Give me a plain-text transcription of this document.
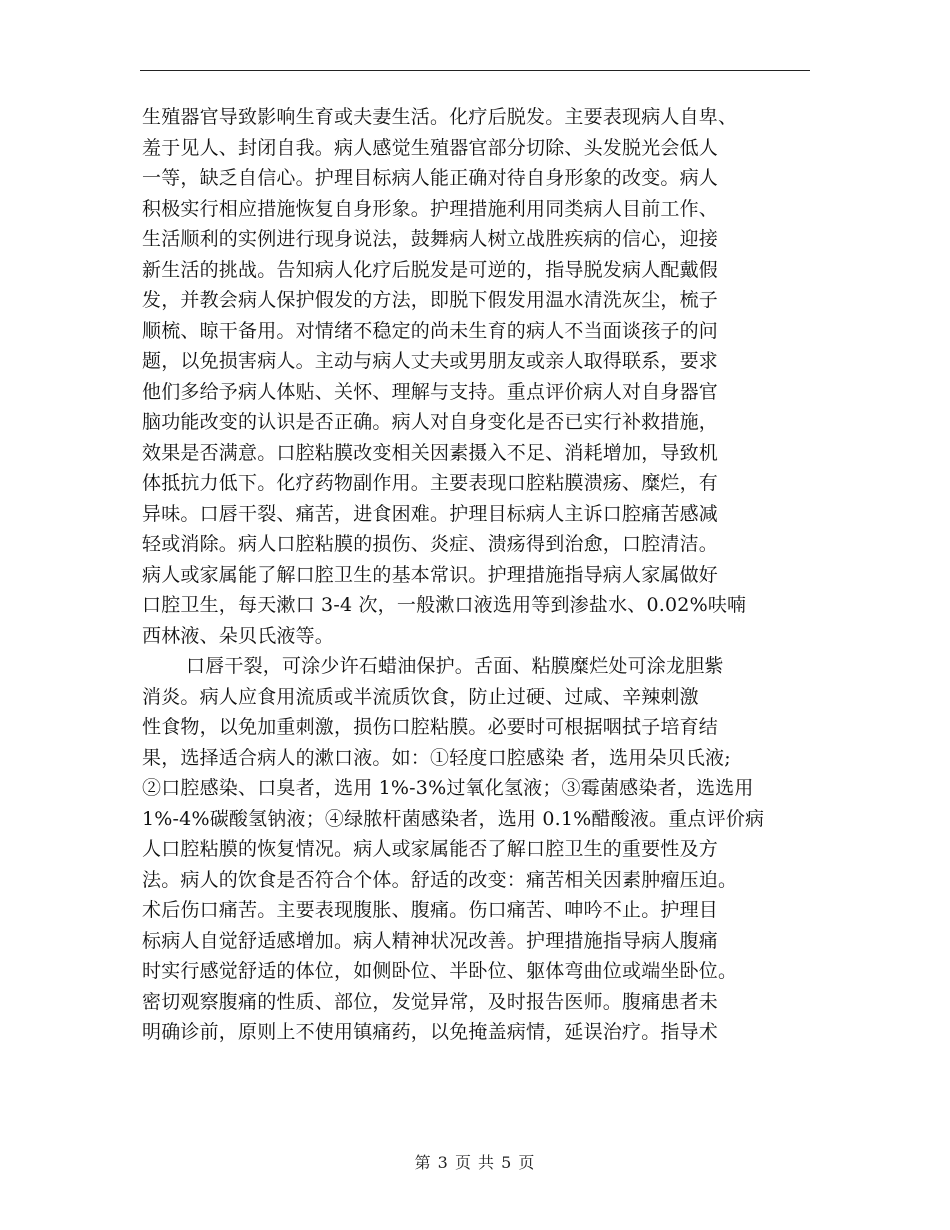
生殖器官导致影响生育或夫妻生活。化疗后脱发。主要表现病人自卑、
羞于见人、封闭自我。病人感觉生殖器官部分切除、头发脱光会低人
一等，缺乏自信心。护理目标病人能正确对待自身形象的改变。病人
积极实行相应措施恢复自身形象。护理措施利用同类病人目前工作、
生活顺利的实例进行现身说法，鼓舞病人树立战胜疾病的信心，迎接
新生活的挑战。告知病人化疗后脱发是可逆的，指导脱发病人配戴假
发，并教会病人保护假发的方法，即脱下假发用温水清洗灰尘，梳子
顺梳、晾干备用。对情绪不稳定的尚未生育的病人不当面谈孩子的问
题，以免损害病人。主动与病人丈夫或男朋友或亲人取得联系，要求
他们多给予病人体贴、关怀、理解与支持。重点评价病人对自身器官
脑功能改变的认识是否正确。病人对自身变化是否已实行补救措施，
效果是否满意。口腔粘膜改变相关因素摄入不足、消耗增加，导致机
体抵抗力低下。化疗药物副作用。主要表现口腔粘膜溃疡、糜烂，有
异味。口唇干裂、痛苦，进食困难。护理目标病人主诉口腔痛苦感减
轻或消除。病人口腔粘膜的损伤、炎症、溃疡得到治愈，口腔清洁。
病人或家属能了解口腔卫生的基本常识。护理措施指导病人家属做好
口腔卫生，每天漱口 3-4 次，一般漱口液选用等到渗盐水、0.02%呋喃
西林液、朵贝氏液等。
口唇干裂，可涂少许石蜡油保护。舌面、粘膜糜烂处可涂龙胆紫
消炎。病人应食用流质或半流质饮食，防止过硬、过咸、辛辣刺激
性食物，以免加重刺激，损伤口腔粘膜。必要时可根据咽拭子培育结
果，选择适合病人的漱口液。如：①轻度口腔感染 者，选用朵贝氏液;
②口腔感染、口臭者，选用 1%-3%过氧化氢液；③霉菌感染者，选选用
1%-4%碳酸氢钠液；④绿脓杆菌感染者，选用 0.1%醋酸液。重点评价病
人口腔粘膜的恢复情况。病人或家属能否了解口腔卫生的重要性及方
法。病人的饮食是否符合个体。舒适的改变：痛苦相关因素肿瘤压迫。
术后伤口痛苦。主要表现腹胀、腹痛。伤口痛苦、呻吟不止。护理目
标病人自觉舒适感增加。病人精神状况改善。护理措施指导病人腹痛
时实行感觉舒适的体位，如侧卧位、半卧位、躯体弯曲位或端坐卧位。
密切观察腹痛的性质、部位，发觉异常，及时报告医师。腹痛患者未
明确诊前，原则上不使用镇痛药，以免掩盖病情，延误治疗。指导术
第 3 页 共 5 页
